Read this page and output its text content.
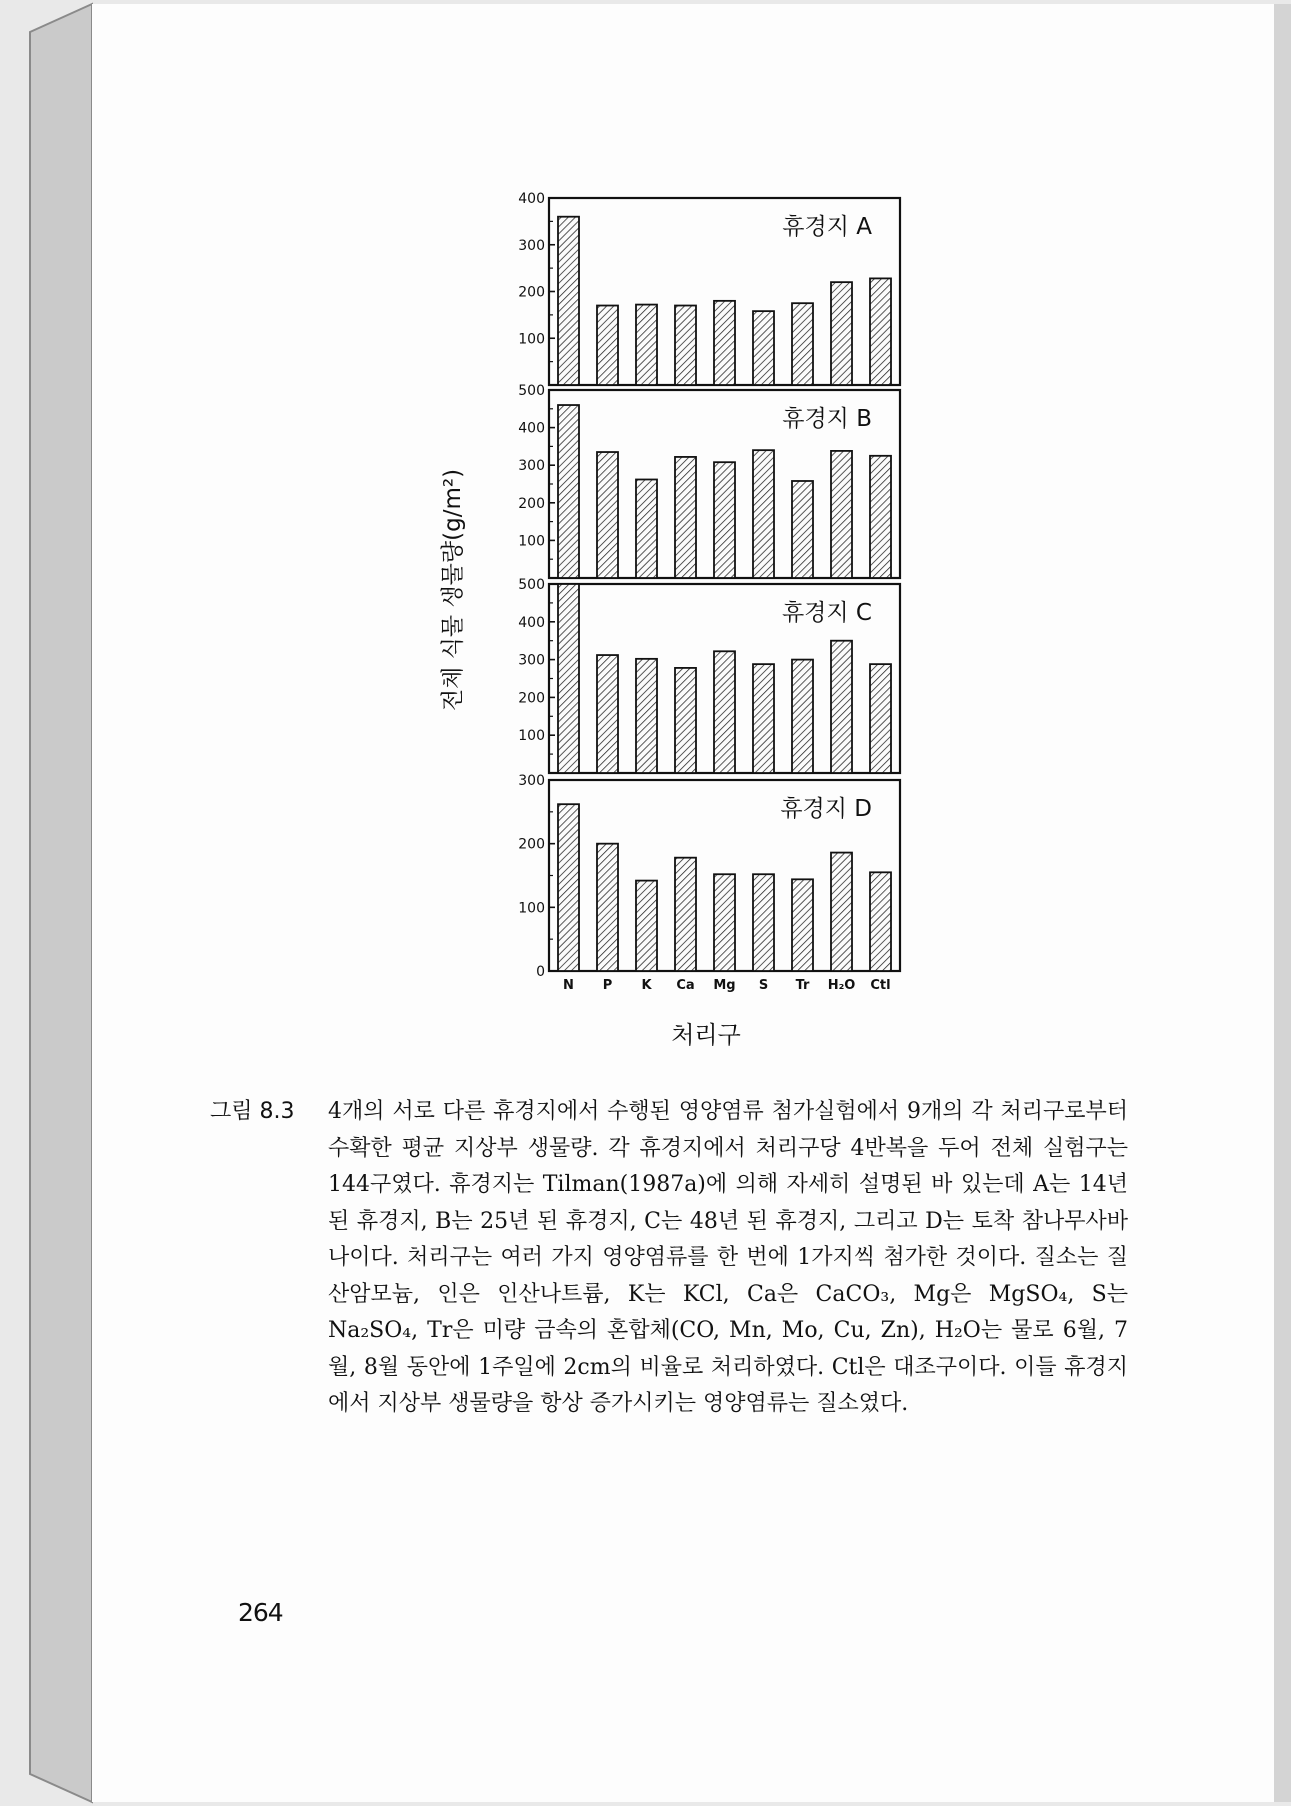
100
200
300
400
휴경지 A
100
200
300
400
500
휴경지 B
100
200
300
400
500
휴경지 C
0
100
200
300
휴경지 D
N P K Ca Mg S Tr H₂O Ctl
처리구
전체 식물 생물량(g/m²)
그림 8.3	4개의 서로 다른 휴경지에서 수행된 영양염류 첨가실험에서 9개의 각 처리구로부터 수확한 평균 지상부 생물량. 각 휴경지에서 처리구당 4반복을 두어 전체 실험구는 144구였다. 휴경지는 Tilman(1987a)에 의해 자세히 설명된 바 있는데 A는 14년 된 휴경지, B는 25년 된 휴경지, C는 48년 된 휴경지, 그리고 D는 토착 참나무사바나이다. 처리구는 여러 가지 영양염류를 한 번에 1가지씩 첨가한 것이다. 질소는 질산암모늄, 인은 인산나트륨, K는 KCl, Ca은 CaCO₃, Mg은 MgSO₄, S는 Na₂SO₄, Tr은 미량 금속의 혼합체(CO, Mn, Mo, Cu, Zn), H₂O는 물로 6월, 7월, 8월 동안에 1주일에 2cm의 비율로 처리하였다. Ctl은 대조구이다. 이들 휴경지에서 지상부 생물량을 항상 증가시키는 영양염류는 질소였다.
264
